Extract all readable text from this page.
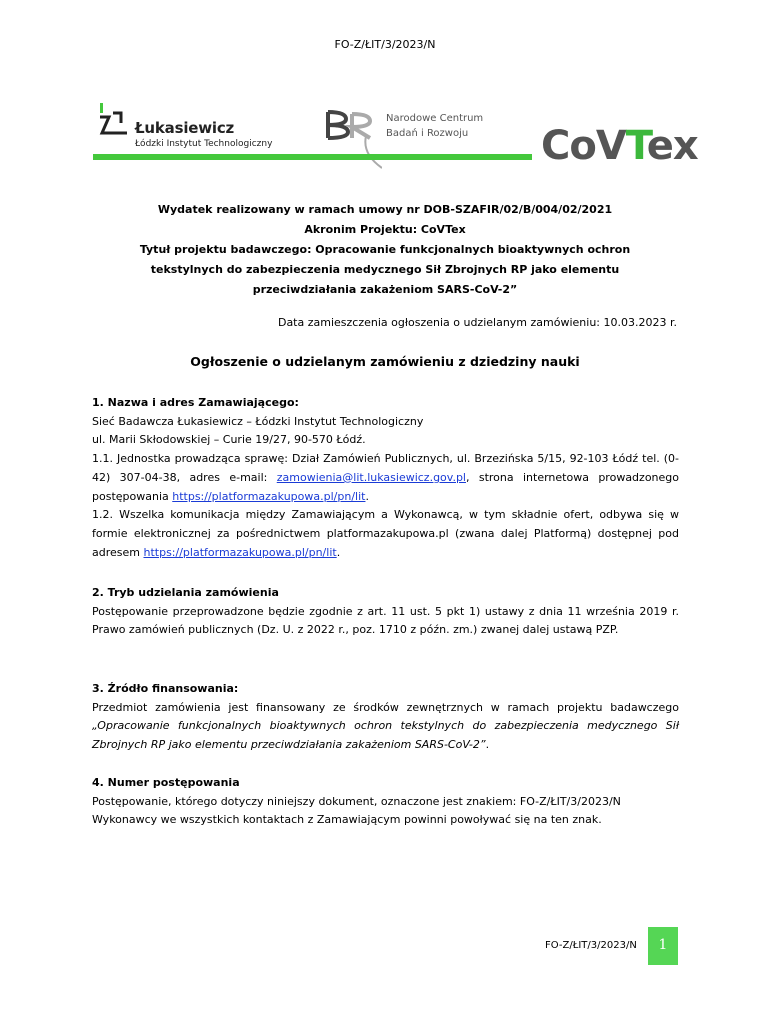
FO-Z/ŁIT/3/2023/N
Łukasiewicz
Łódzki Instytut Technologiczny
Narodowe Centrum
Badań i Rozwoju CoVTex
Wydatek realizowany w ramach umowy nr DOB-SZAFIR/02/B/004/02/2021
Akronim Projektu: CoVTex
Tytuł projektu badawczego: Opracowanie funkcjonalnych bioaktywnych ochron
tekstylnych do zabezpieczenia medycznego Sił Zbrojnych RP jako elementu
przeciwdziałania zakażeniom SARS-CoV-2”
Data zamieszczenia ogłoszenia o udzielanym zamówieniu: 10.03.2023 r.
Ogłoszenie o udzielanym zamówieniu z dziedziny nauki

1. Nazwa i adres Zamawiającego:

Sieć Badawcza Łukasiewicz – Łódzki Instytut Technologiczny

ul. Marii Skłodowskiej – Curie 19/27, 90-570 Łódź.

1.1. Jednostka prowadząca sprawę: Dział Zamówień Publicznych, ul. Brzezińska 5/15, 92-103 Łódź tel. (0-42) 307-04-38, adres e-mail: zamowienia@lit.lukasiewicz.gov.pl, strona internetowa prowadzonego postępowania https://platformazakupowa.pl/pn/lit.

1.2. Wszelka komunikacja między Zamawiającym a Wykonawcą, w tym składnie ofert, odbywa się w formie elektronicznej za pośrednictwem platformazakupowa.pl (zwana dalej Platformą) dostępnej pod adresem https://platformazakupowa.pl/pn/lit.

2. Tryb udzielania zamówienia

Postępowanie przeprowadzone będzie zgodnie z art. 11 ust. 5 pkt 1) ustawy z dnia 11 września 2019 r. Prawo zamówień publicznych (Dz. U. z 2022 r., poz. 1710 z późn. zm.) zwanej dalej ustawą PZP.

3. Źródło finansowania:

Przedmiot zamówienia jest finansowany ze środków zewnętrznych w ramach projektu badawczego „Opracowanie funkcjonalnych bioaktywnych ochron tekstylnych do zabezpieczenia medycznego Sił Zbrojnych RP jako elementu przeciwdziałania zakażeniom SARS-CoV-2”.

4. Numer postępowania

Postępowanie, którego dotyczy niniejszy dokument, oznaczone jest znakiem: FO-Z/ŁIT/3/2023/N

Wykonawcy we wszystkich kontaktach z Zamawiającym powinni powoływać się na ten znak.

FO-Z/ŁIT/3/2023/N	1
